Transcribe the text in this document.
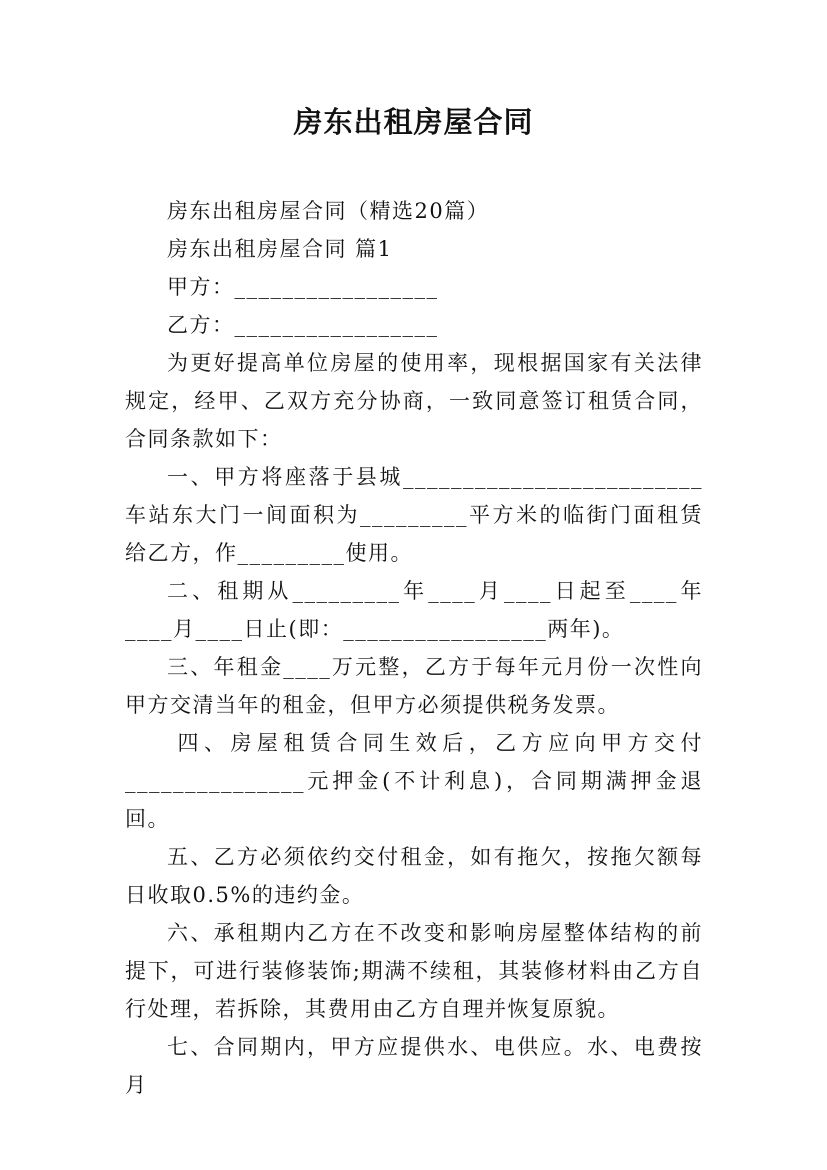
房东出租房屋合同

房东出租房屋合同（精选20篇）

房东出租房屋合同 篇1

甲方：_________________

乙方：_________________

为更好提高单位房屋的使用率，现根据国家有关法律规定，经甲、乙双方充分协商，一致同意签订租赁合同，合同条款如下：

一、甲方将座落于县城_________________________车站东大门一间面积为_________平方米的临街门面租赁给乙方，作_________使用。

二、租期从_________年____月____日起至____年____月____日止(即：_________________两年)。

三、年租金____万元整，乙方于每年元月份一次性向甲方交清当年的租金，但甲方必须提供税务发票。

四、房屋租赁合同生效后，乙方应向甲方交付_______________元押金(不计利息)，合同期满押金退回。

五、乙方必须依约交付租金，如有拖欠，按拖欠额每日收取0.5%的违约金。

六、承租期内乙方在不改变和影响房屋整体结构的前提下，可进行装修装饰;期满不续租，其装修材料由乙方自行处理，若拆除，其费用由乙方自理并恢复原貌。

七、合同期内，甲方应提供水、电供应。水、电费按月
